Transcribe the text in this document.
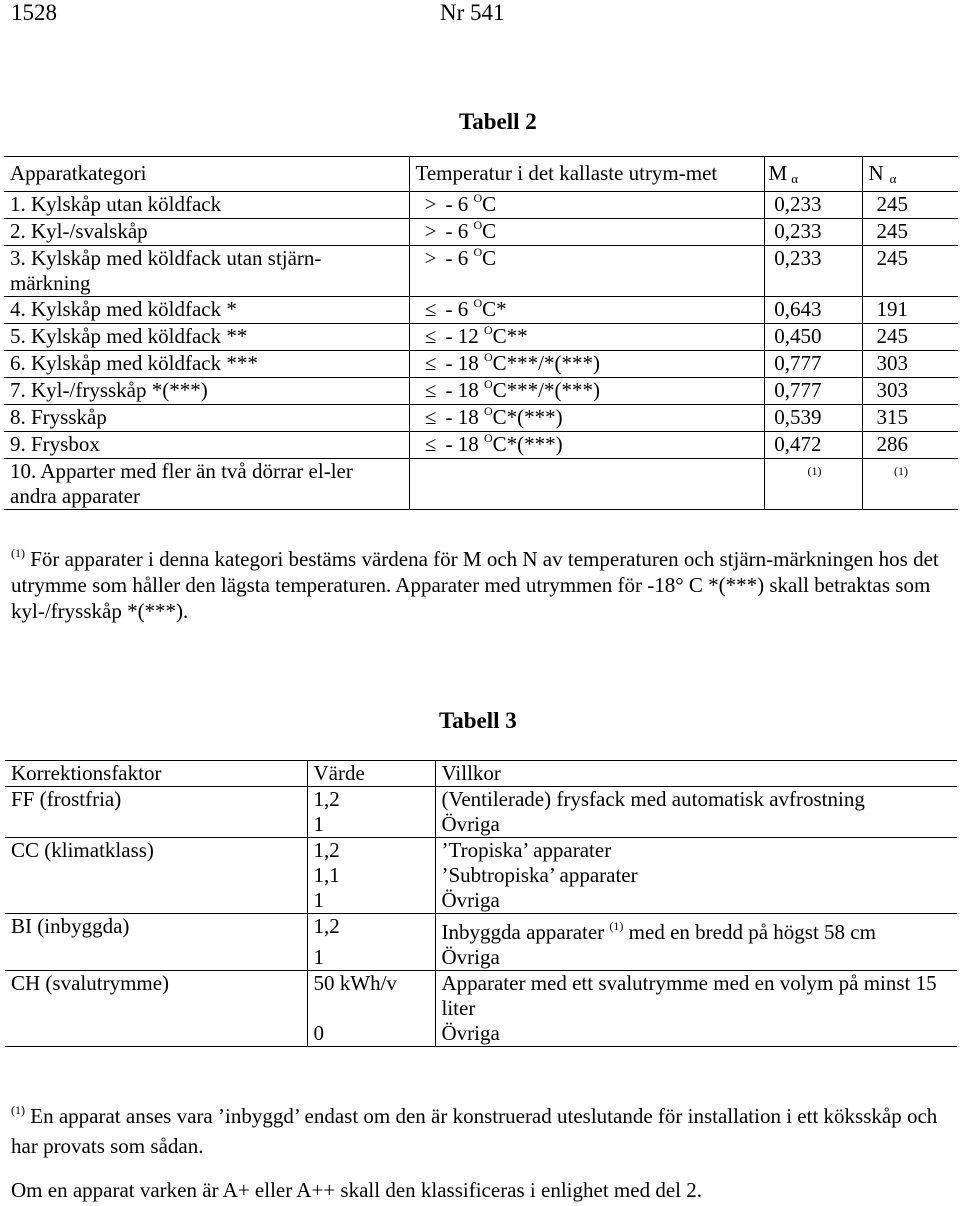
1528	Nr 541
Tabell 2
Apparatkategori	Temperatur i det kallaste utrym-met	M $_\alpha$	N $_\alpha$
1. Kylskåp utan köldfack	> - 6 $^O$C	0,233	245
2. Kyl-/svalskåp	> - 6 $^O$C	0,233	245
3. Kylskåp med köldfack utan stjärn-märkning	> - 6 $^O$C	0,233	245
4. Kylskåp med köldfack *	≤ - 6 $^O$C*	0,643	191
5. Kylskåp med köldfack **	≤ - 12 $^O$C**	0,450	245
6. Kylskåp med köldfack ***	≤ - 18 $^O$C***/*(***)	0,777	303
7. Kyl-/frysskåp *(***)	≤ - 18 $^O$C***/*(***)	0,777	303
8. Frysskåp	≤ - 18 $^O$C*(***)	0,539	315
9. Frysbox	≤ - 18 $^O$C*(***)	0,472	286
10. Apparter med fler än två dörrar el-ler andra apparater		$^{(1)}$	$^{(1)}$
$^{(1)}$ För apparater i denna kategori bestäms värdena för M och N av temperaturen och stjärn-märkningen hos det utrymme som håller den lägsta temperaturen. Apparater med utrymmen för -18° C *(***) skall betraktas som kyl-/frysskåp *(***).
Tabell 3
Korrektionsfaktor	Värde	Villkor
FF (frostfria)	1,2	(Ventilerade) frysfack med automatisk avfrostning
	1	Övriga
CC (klimatklass)	1,2	’Tropiska’ apparater
	1,1	’Subtropiska’ apparater
	1	Övriga
BI (inbyggda)	1,2	Inbyggda apparater $^{(1)}$ med en bredd på högst 58 cm
	1	Övriga
CH (svalutrymme)	50 kWh/v	Apparater med ett svalutrymme med en volym på minst 15 liter
	0	Övriga
$^{(1)}$ En apparat anses vara ’inbyggd’ endast om den är konstruerad uteslutande för installation i ett köksskåp och har provats som sådan.
Om en apparat varken är A+ eller A++ skall den klassificeras i enlighet med del 2.
